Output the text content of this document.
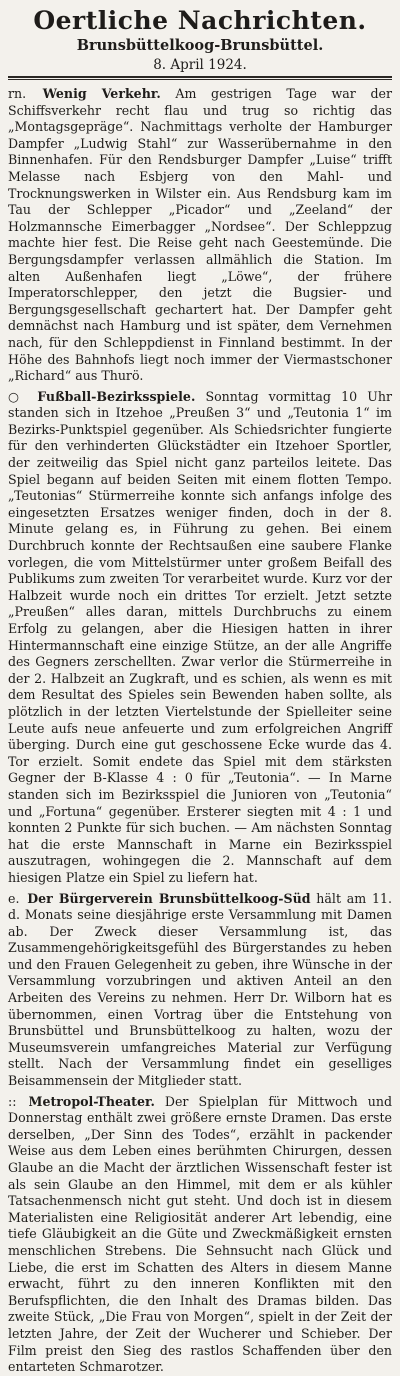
Oertliche Nachrichten.

Brunsbüttelkoog-Brunsbüttel.

8. April 1924.

rn. Wenig Verkehr. Am gestrigen Tage war der Schiffsverkehr recht flau und trug so richtig das „Montagsgepräge“. Nachmittags verholte der Hamburger Dampfer „Ludwig Stahl“ zur Wasserübernahme in den Binnenhafen. Für den Rendsburger Dampfer „Luise“ trifft Melasse nach Esbjerg von den Mahl- und Trocknungswerken in Wilster ein. Aus Rendsburg kam im Tau der Schlepper „Picador“ und „Zeeland“ der Holzmannsche Eimerbagger „Nordsee“. Der Schleppzug machte hier fest. Die Reise geht nach Geestemünde. Die Bergungsdampfer verlassen allmählich die Station. Im alten Außenhafen liegt „Löwe“, der frühere Imperatorschlepper, den jetzt die Bugsier- und Bergungsgesellschaft gechartert hat. Der Dampfer geht demnächst nach Hamburg und ist später, dem Vernehmen nach, für den Schleppdienst in Finnland bestimmt. In der Höhe des Bahnhofs liegt noch immer der Viermastschoner „Richard“ aus Thurö.

○ Fußball-Bezirksspiele. Sonntag vormittag 10 Uhr standen sich in Itzehoe „Preußen 3“ und „Teutonia 1“ im Bezirks-Punktspiel gegenüber. Als Schiedsrichter fungierte für den verhinderten Glückstädter ein Itzehoer Sportler, der zeitweilig das Spiel nicht ganz parteilos leitete. Das Spiel begann auf beiden Seiten mit einem flotten Tempo. „Teutonias“ Stürmerreihe konnte sich anfangs infolge des eingesetzten Ersatzes weniger finden, doch in der 8. Minute gelang es, in Führung zu gehen. Bei einem Durchbruch konnte der Rechtsaußen eine saubere Flanke vorlegen, die vom Mittelstürmer unter großem Beifall des Publikums zum zweiten Tor verarbeitet wurde. Kurz vor der Halbzeit wurde noch ein drittes Tor erzielt. Jetzt setzte „Preußen“ alles daran, mittels Durchbruchs zu einem Erfolg zu gelangen, aber die Hiesigen hatten in ihrer Hintermannschaft eine einzige Stütze, an der alle Angriffe des Gegners zerschellten. Zwar verlor die Stürmerreihe in der 2. Halbzeit an Zugkraft, und es schien, als wenn es mit dem Resultat des Spieles sein Bewenden haben sollte, als plötzlich in der letzten Viertelstunde der Spielleiter seine Leute aufs neue anfeuerte und zum erfolgreichen Angriff überging. Durch eine gut geschossene Ecke wurde das 4. Tor erzielt. Somit endete das Spiel mit dem stärksten Gegner der B-Klasse 4 : 0 für „Teutonia“. — In Marne standen sich im Bezirksspiel die Junioren von „Teutonia“ und „Fortuna“ gegenüber. Ersterer siegten mit 4 : 1 und konnten 2 Punkte für sich buchen. — Am nächsten Sonntag hat die erste Mannschaft in Marne ein Bezirksspiel auszutragen, wohingegen die 2. Mannschaft auf dem hiesigen Platze ein Spiel zu liefern hat.

e. Der Bürgerverein Brunsbüttelkoog-Süd hält am 11. d. Monats seine diesjährige erste Versammlung mit Damen ab. Der Zweck dieser Versammlung ist, das Zusammengehörigkeitsgefühl des Bürgerstandes zu heben und den Frauen Gelegenheit zu geben, ihre Wünsche in der Versammlung vorzubringen und aktiven Anteil an den Arbeiten des Vereins zu nehmen. Herr Dr. Wilborn hat es übernommen, einen Vortrag über die Entstehung von Brunsbüttel und Brunsbüttelkoog zu halten, wozu der Museumsverein umfangreiches Material zur Verfügung stellt. Nach der Versammlung findet ein geselliges Beisammensein der Mitglieder statt.

:: Metropol-Theater. Der Spielplan für Mittwoch und Donnerstag enthält zwei größere ernste Dramen. Das erste derselben, „Der Sinn des Todes“, erzählt in packender Weise aus dem Leben eines berühmten Chirurgen, dessen Glaube an die Macht der ärztlichen Wissenschaft fester ist als sein Glaube an den Himmel, mit dem er als kühler Tatsachenmensch nicht gut steht. Und doch ist in diesem Materialisten eine Religiosität anderer Art lebendig, eine tiefe Gläubigkeit an die Güte und Zweckmäßigkeit ernsten menschlichen Strebens. Die Sehnsucht nach Glück und Liebe, die erst im Schatten des Alters in diesem Manne erwacht, führt zu den inneren Konflikten mit den Berufspflichten, die den Inhalt des Dramas bilden. Das zweite Stück, „Die Frau von Morgen“, spielt in der Zeit der letzten Jahre, der Zeit der Wucherer und Schieber. Der Film preist den Sieg des rastlos Schaffenden über den entarteten Schmarotzer.
